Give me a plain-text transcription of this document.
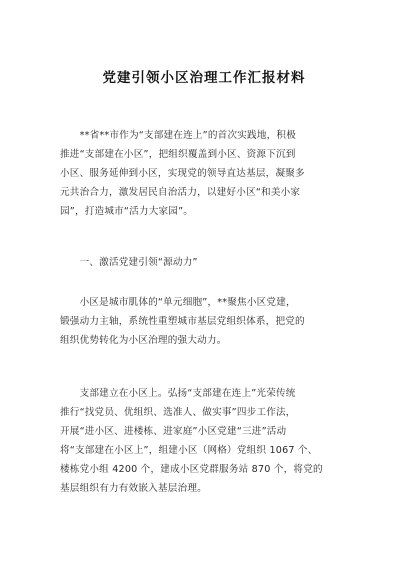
党建引领小区治理工作汇报材料
　　**省**市作为“支部建在连上”的首次实践地，积极
推进“支部建在小区”，把组织覆盖到小区、资源下沉到
小区、服务延伸到小区，实现党的领导直达基层，凝聚多
元共治合力，激发居民自治活力，以建好小区“和美小家
园”，打造城市“活力大家园”。
　　一、激活党建引领“源动力”
　　小区是城市肌体的“单元细胞”，**聚焦小区党建，
锻强动力主轴，系统性重塑城市基层党组织体系，把党的
组织优势转化为小区治理的强大动力。
　　支部建立在小区上。弘扬“支部建在连上”光荣传统
推行“找党员、优组织、选准人、做实事”四步工作法，
开展“进小区、进楼栋、进家庭”小区党建“三进”活动
将“支部建在小区上”，组建小区（网格）党组织 1067 个、
楼栋党小组 4200 个，建成小区党群服务站 870 个，将党的
基层组织有力有效嵌入基层治理。
